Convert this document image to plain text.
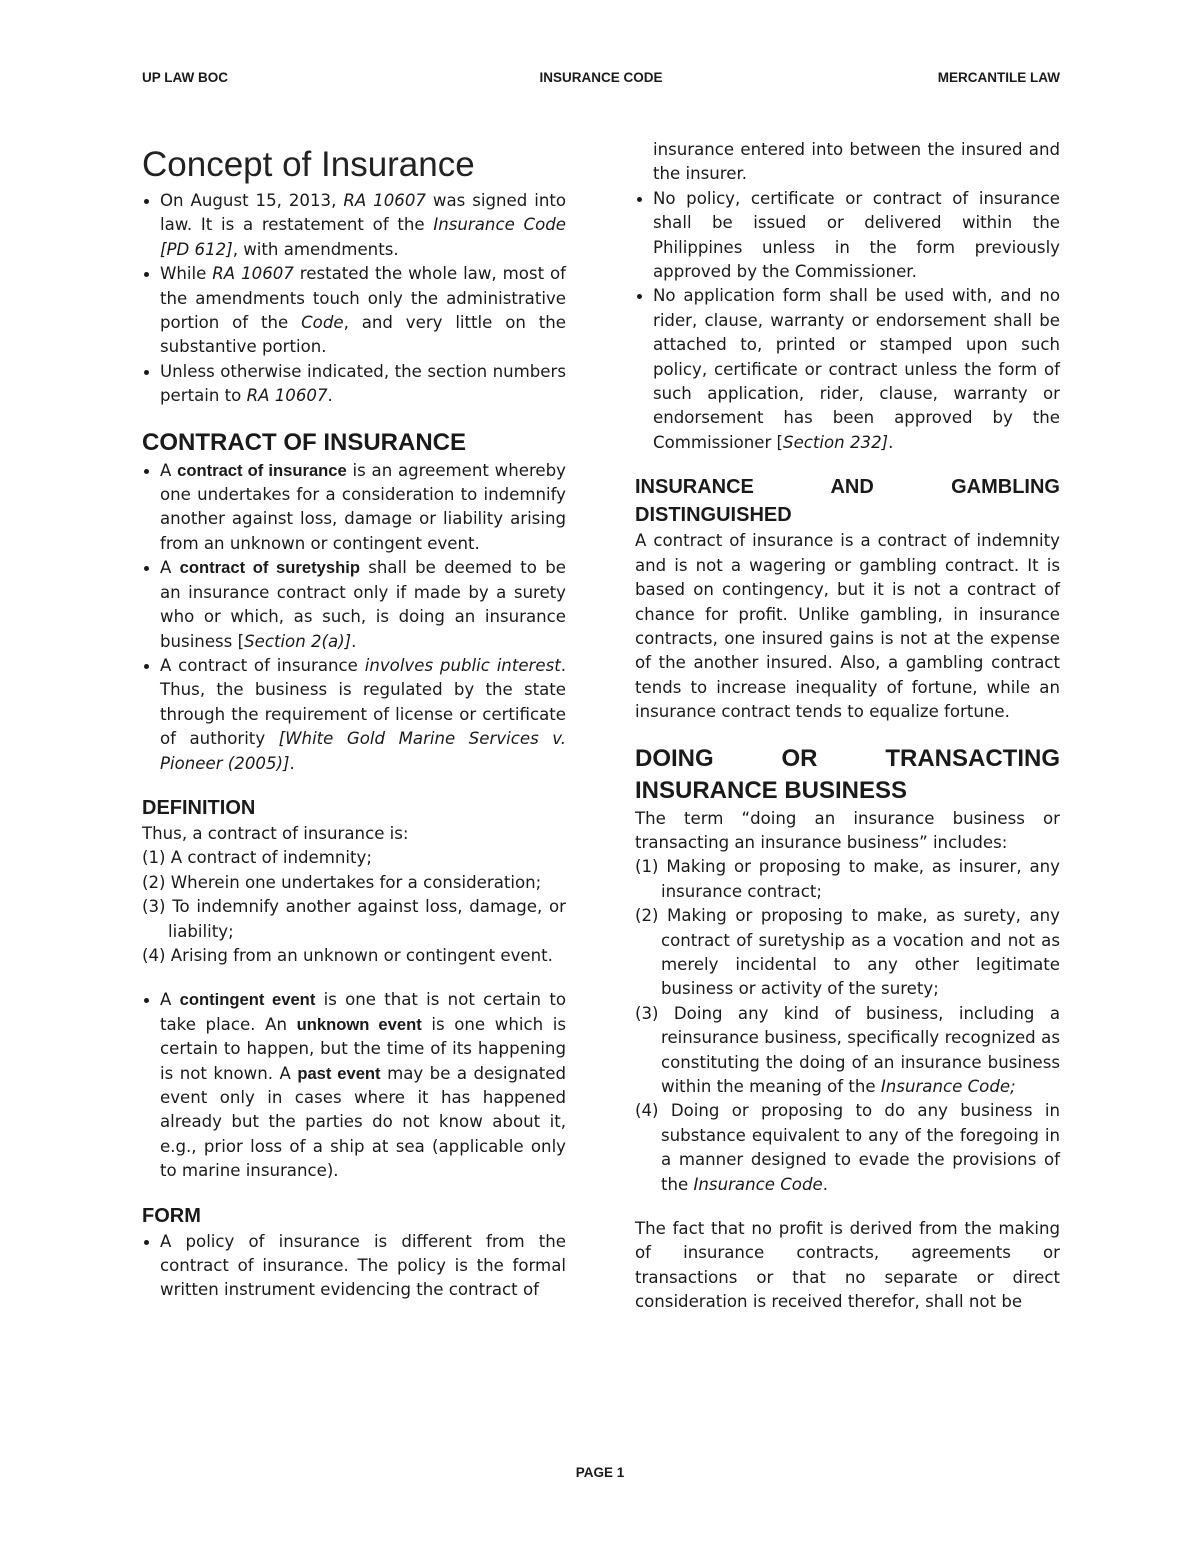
UP LAW BOC	INSURANCE CODE	MERCANTILE LAW
Concept of Insurance
On August 15, 2013, RA 10607 was signed into law. It is a restatement of the Insurance Code [PD 612], with amendments.
While RA 10607 restated the whole law, most of the amendments touch only the administrative portion of the Code, and very little on the substantive portion.
Unless otherwise indicated, the section numbers pertain to RA 10607.
CONTRACT OF INSURANCE
A contract of insurance is an agreement whereby one undertakes for a consideration to indemnify another against loss, damage or liability arising from an unknown or contingent event.
A contract of suretyship shall be deemed to be an insurance contract only if made by a surety who or which, as such, is doing an insurance business [Section 2(a)].
A contract of insurance involves public interest. Thus, the business is regulated by the state through the requirement of license or certificate of authority [White Gold Marine Services v. Pioneer (2005)].
DEFINITION
Thus, a contract of insurance is:
(1) A contract of indemnity;
(2) Wherein one undertakes for a consideration;
(3) To indemnify another against loss, damage, or liability;
(4) Arising from an unknown or contingent event.
A contingent event is one that is not certain to take place. An unknown event is one which is certain to happen, but the time of its happening is not known. A past event may be a designated event only in cases where it has happened already but the parties do not know about it, e.g., prior loss of a ship at sea (applicable only to marine insurance).
FORM
A policy of insurance is different from the contract of insurance. The policy is the formal written instrument evidencing the contract of
insurance entered into between the insured and the insurer.
No policy, certificate or contract of insurance shall be issued or delivered within the Philippines unless in the form previously approved by the Commissioner.
No application form shall be used with, and no rider, clause, warranty or endorsement shall be attached to, printed or stamped upon such policy, certificate or contract unless the form of such application, rider, clause, warranty or endorsement has been approved by the Commissioner [Section 232].
INSURANCE AND GAMBLING DISTINGUISHED
A contract of insurance is a contract of indemnity and is not a wagering or gambling contract. It is based on contingency, but it is not a contract of chance for profit. Unlike gambling, in insurance contracts, one insured gains is not at the expense of the another insured. Also, a gambling contract tends to increase inequality of fortune, while an insurance contract tends to equalize fortune.
DOING OR TRANSACTING INSURANCE BUSINESS
The term “doing an insurance business or transacting an insurance business” includes:
(1) Making or proposing to make, as insurer, any insurance contract;
(2) Making or proposing to make, as surety, any contract of suretyship as a vocation and not as merely incidental to any other legitimate business or activity of the surety;
(3) Doing any kind of business, including a reinsurance business, specifically recognized as constituting the doing of an insurance business within the meaning of the Insurance Code;
(4) Doing or proposing to do any business in substance equivalent to any of the foregoing in a manner designed to evade the provisions of the Insurance Code.
The fact that no profit is derived from the making of insurance contracts, agreements or transactions or that no separate or direct consideration is received therefor, shall not be
PAGE 1
